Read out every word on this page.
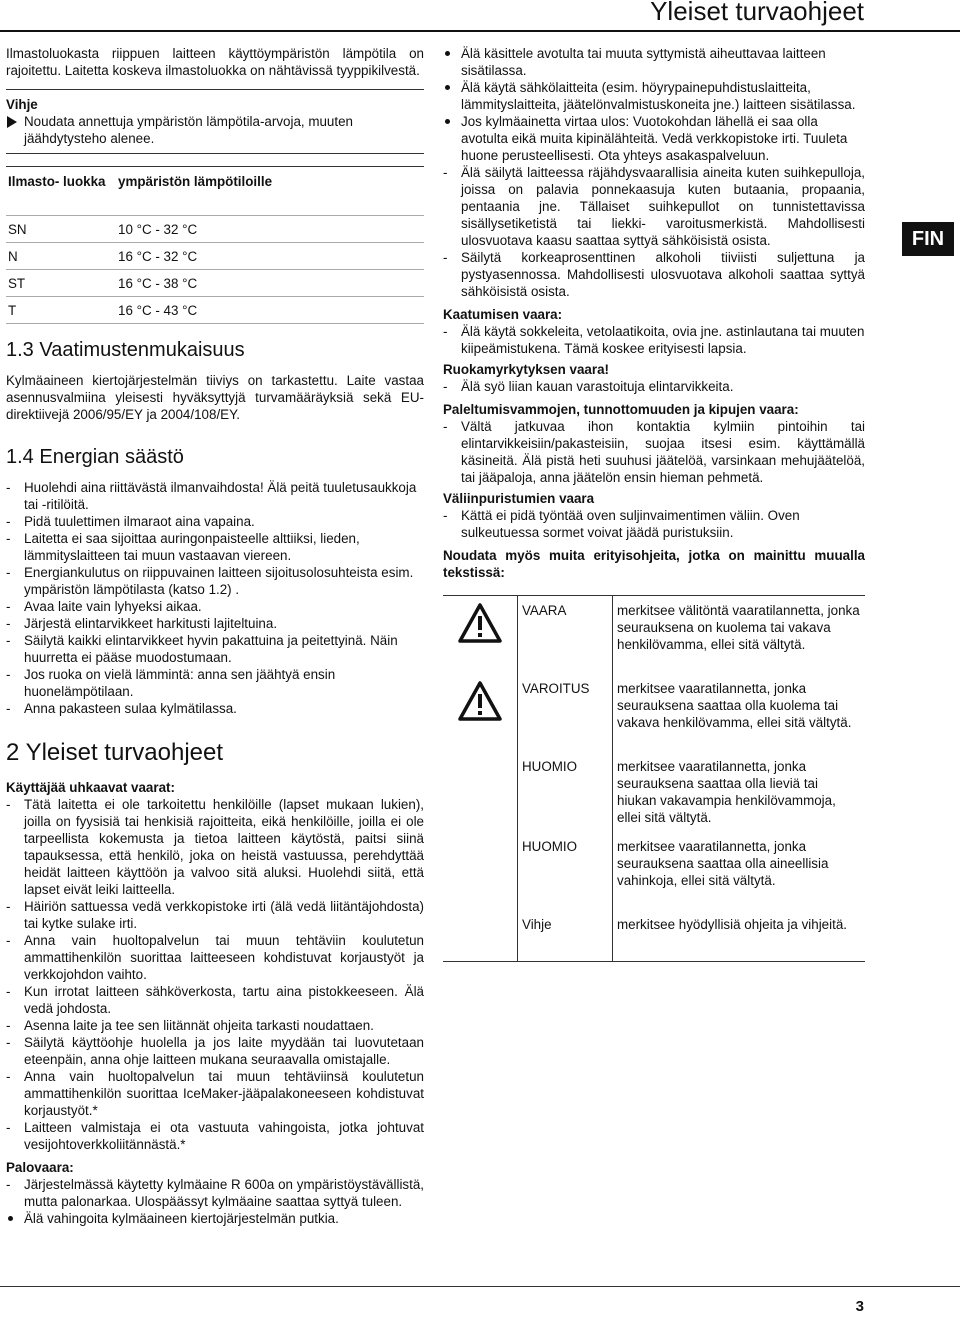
Yleiset turvaohjeet
FIN

Ilmastoluokasta riippuen laitteen käyttöympäristön lämpötila on rajoitettu. Laitetta koskeva ilmastoluokka on nähtävissä tyyppikilvestä.

Vihje

Noudata annettuja ympäristön lämpötila-arvoja, muuten jäähdytysteho alenee.
Ilmasto- luokka	ympäristön lämpötiloille
SN	10 °C - 32 °C
N	16 °C - 32 °C
ST	16 °C - 38 °C
T	16 °C - 43 °C
1.3 Vaatimustenmukaisuus

Kylmäaineen kiertojärjestelmän tiiviys on tarkastettu. Laite vastaa asennusvalmiina yleisesti hyväksyttyjä turvamääräyksiä sekä EU-direktiivejä 2006/95/EY ja 2004/108/EY.

1.4 Energian säästö
- Huolehdi aina riittävästä ilmanvaihdosta! Älä peitä tuuletusaukkoja tai -ritilöitä.
- Pidä tuulettimen ilmaraot aina vapaina.
- Laitetta ei saa sijoittaa auringonpaisteelle alttiiksi, lieden, lämmityslaitteen tai muun vastaavan viereen.
- Energiankulutus on riippuvainen laitteen sijoitusolosuhteista esim. ympäristön lämpötilasta (katso 1.2) .
- Avaa laite vain lyhyeksi aikaa.
- Järjestä elintarvikkeet harkitusti lajiteltuina.
- Säilytä kaikki elintarvikkeet hyvin pakattuina ja peitettyinä. Näin huurretta ei pääse muodostumaan.
- Jos ruoka on vielä lämmintä: anna sen jäähtyä ensin huonelämpötilaan.
- Anna pakasteen sulaa kylmätilassa.
2 Yleiset turvaohjeet

Käyttäjää uhkaavat vaarat:

- Tätä laitetta ei ole tarkoitettu henkilöille (lapset mukaan lukien), joilla on fyysisiä tai henkisiä rajoitteita, eikä henkilöille, joilla ei ole tarpeellista kokemusta ja tietoa laitteen käytöstä, paitsi siinä tapauksessa, että henkilö, joka on heistä vastuussa, perehdyttää heidät laitteen käyttöön ja valvoo sitä aluksi. Huolehdi siitä, että lapset eivät leiki laitteella.
- Häiriön sattuessa vedä verkkopistoke irti (älä vedä liitäntäjohdosta) tai kytke sulake irti.
- Anna vain huoltopalvelun tai muun tehtäviin koulutetun ammattihenkilön suorittaa laitteeseen kohdistuvat korjaustyöt ja verkkojohdon vaihto.
- Kun irrotat laitteen sähköverkosta, tartu aina pistokkeeseen. Älä vedä johdosta.
- Asenna laite ja tee sen liitännät ohjeita tarkasti noudattaen.
- Säilytä käyttöohje huolella ja jos laite myydään tai luovutetaan eteenpäin, anna ohje laitteen mukana seuraavalla omistajalle.
- Anna vain huoltopalvelun tai muun tehtäviinsä koulutetun ammattihenkilön suorittaa IceMaker-jääpalakoneeseen kohdistuvat korjaustyöt.*
- Laitteen valmistaja ei ota vastuuta vahingoista, jotka johtuvat vesijohtoverkkoliitännästä.*

Palovaara:

- Järjestelmässä käytetty kylmäaine R 600a on ympäristöystävällistä, mutta palonarkaa. Ulospäässyt kylmäaine saattaa syttyä tuleen.
Älä vahingoita kylmäaineen kiertojärjestelmän putkia.
Älä käsittele avotulta tai muuta syttymistä aiheuttavaa laitteen sisätilassa.
Älä käytä sähkölaitteita (esim. höyrypainepuhdistuslaitteita, lämmityslaitteita, jäätelönvalmistuskoneita jne.) laitteen sisätilassa.
Jos kylmäainetta virtaa ulos: Vuotokohdan lähellä ei saa olla avotulta eikä muita kipinälähteitä. Vedä verkkopistoke irti. Tuuleta huone perusteellisesti. Ota yhteys asakaspalveluun.
- Älä säilytä laitteessa räjähdysvaarallisia aineita kuten suihkepulloja, joissa on palavia ponnekaasuja kuten butaania, propaania, pentaania jne. Tällaiset suihkepullot on tunnistettavissa sisällysetiketistä tai liekki- varoitusmerkistä. Mahdollisesti ulosvuotava kaasu saattaa syttyä sähköisistä osista.
- Säilytä korkeaprosenttinen alkoholi tiiviisti suljettuna ja pystyasennossa. Mahdollisesti ulosvuotava alkoholi saattaa syttyä sähköisistä osista.

Kaatumisen vaara:

- Älä käytä sokkeleita, vetolaatikoita, ovia jne. astinlautana tai muuten kiipeämistukena. Tämä koskee erityisesti lapsia.

Ruokamyrkytyksen vaara!

- Älä syö liian kauan varastoituja elintarvikkeita.

Paleltumisvammojen, tunnottomuuden ja kipujen vaara:

- Vältä jatkuvaa ihon kontaktia kylmiin pintoihin tai elintarvikkeisiin/pakasteisiin, suojaa itsesi esim. käyttämällä käsineitä. Älä pistä heti suuhusi jäätelöä, varsinkaan mehujäätelöä, tai jääpaloja, anna jäätelön ensin hieman pehmetä.

Väliinpuristumien vaara

- Kättä ei pidä työntää oven suljinvaimentimen väliin. Oven sulkeutuessa sormet voivat jäädä puristuksiin.

Noudata myös muita erityisohjeita, jotka on mainittu muualla tekstissä:

	VAARA	merkitsee välitöntä vaaratilannetta, jonka seurauksena on kuolema tai vakava henkilövamma, ellei sitä vältytä.
	VAROITUS	merkitsee vaaratilannetta, jonka seurauksena saattaa olla kuolema tai vakava henkilövamma, ellei sitä vältytä.
	HUOMIO	merkitsee vaaratilannetta, jonka seurauksena saattaa olla lieviä tai hiukan vakavampia henkilövammoja, ellei sitä vältytä.
	HUOMIO	merkitsee vaaratilannetta, jonka seurauksena saattaa olla aineellisia vahinkoja, ellei sitä vältytä.
	Vihje	merkitsee hyödyllisiä ohjeita ja vihjeitä.
3
